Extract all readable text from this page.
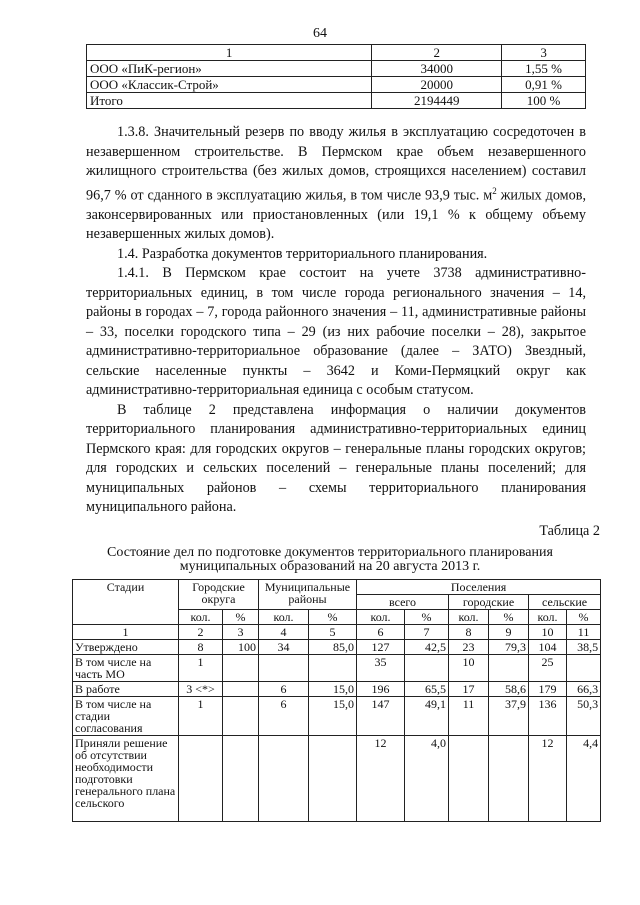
64
1	2	3
ООО «ПиК-регион»	34000	1,55 %
ООО «Классик-Строй»	20000	0,91 %
Итого	2194449	100 %

1.3.8. Значительный резерв по вводу жилья в эксплуатацию сосредоточен в незавершенном строительстве. В Пермском крае объем незавершенного жилищного строительства (без жилых домов, строящихся населением) составил 96,7 % от сданного в эксплуатацию жилья, в том числе 93,9 тыс. $м^2$ жилых домов, законсервированных или приостановленных (или 19,1 % к общему объему незавершенных жилых домов).

1.4. Разработка документов территориального планирования.

1.4.1. В Пермском крае состоит на учете 3738 административно-территориальных единиц, в том числе города регионального значения – 14, районы в городах – 7, города районного значения – 11, административные районы – 33, поселки городского типа – 29 (из них рабочие поселки – 28), закрытое административно-территориальное образование (далее – ЗАТО) Звездный, сельские населенные пункты – 3642 и Коми-Пермяцкий округ как административно-территориальная единица с особым статусом.

В таблице 2 представлена информация о наличии документов территориального планирования административно-территориальных единиц Пермского края: для городских округов – генеральные планы городских округов; для городских и сельских поселений – генеральные планы поселений; для муниципальных районов – схемы территориального планирования муниципального района.

Таблица 2
Состояние дел по подготовке документов территориального планирования
муниципальных образований на 20 августа 2013 г.
Стадии	Городские округа		Муниципальные районы		Поселения					
					всего		городские		сельские	
	кол.	%	кол.	%	кол.	%	кол.	%	кол.	%
1	2	3	4	5	6	7	8	9	10	11
Утверждено	8	100	34	85,0	127	42,5	23	79,3	104	38,5
В том числе на часть МО	1				35		10		25	
В работе	3 <*>		6	15,0	196	65,5	17	58,6	179	66,3
В том числе на стадии согласования	1		6	15,0	147	49,1	11	37,9	136	50,3
Приняли решение об отсутствии необходимости подготовки генерального плана сельского					12	4,0			12	4,4
